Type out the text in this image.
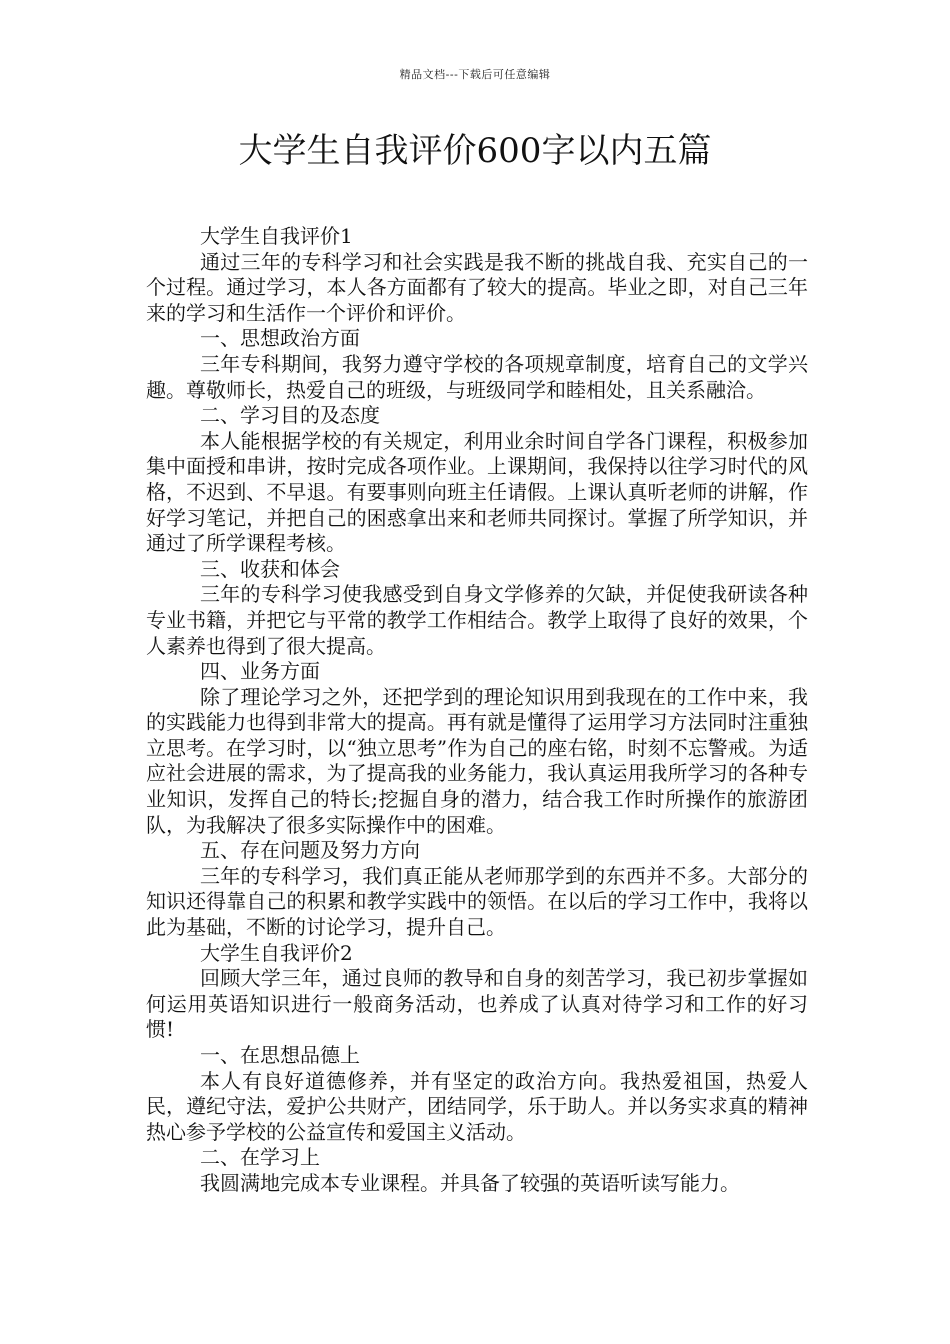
精品文档---下载后可任意编辑
大学生自我评价600字以内五篇

大学生自我评价1

通过三年的专科学习和社会实践是我不断的挑战自我、充实自己的一个过程。通过学习，本人各方面都有了较大的提高。毕业之即，对自己三年来的学习和生活作一个评价和评价。

一、思想政治方面

三年专科期间，我努力遵守学校的各项规章制度，培育自己的文学兴趣。尊敬师长，热爱自己的班级，与班级同学和睦相处，且关系融洽。

二、学习目的及态度

本人能根据学校的有关规定，利用业余时间自学各门课程，积极参加集中面授和串讲，按时完成各项作业。上课期间，我保持以往学习时代的风格，不迟到、不早退。有要事则向班主任请假。上课认真听老师的讲解，作好学习笔记，并把自己的困惑拿出来和老师共同探讨。掌握了所学知识，并通过了所学课程考核。

三、收获和体会

三年的专科学习使我感受到自身文学修养的欠缺，并促使我研读各种专业书籍，并把它与平常的教学工作相结合。教学上取得了良好的效果，个人素养也得到了很大提高。

四、业务方面

除了理论学习之外，还把学到的理论知识用到我现在的工作中来，我的实践能力也得到非常大的提高。再有就是懂得了运用学习方法同时注重独立思考。在学习时，以“独立思考”作为自己的座右铭，时刻不忘警戒。为适应社会进展的需求，为了提高我的业务能力，我认真运用我所学习的各种专业知识，发挥自己的特长;挖掘自身的潜力，结合我工作时所操作的旅游团队，为我解决了很多实际操作中的困难。

五、存在问题及努力方向

三年的专科学习，我们真正能从老师那学到的东西并不多。大部分的知识还得靠自己的积累和教学实践中的领悟。在以后的学习工作中，我将以此为基础，不断的讨论学习，提升自己。

大学生自我评价2

回顾大学三年，通过良师的教导和自身的刻苦学习，我已初步掌握如何运用英语知识进行一般商务活动，也养成了认真对待学习和工作的好习惯!

一、在思想品德上

本人有良好道德修养，并有坚定的政治方向。我热爱祖国，热爱人民，遵纪守法，爱护公共财产，团结同学，乐于助人。并以务实求真的精神热心参予学校的公益宣传和爱国主义活动。

二、在学习上

我圆满地完成本专业课程。并具备了较强的英语听读写能力。
